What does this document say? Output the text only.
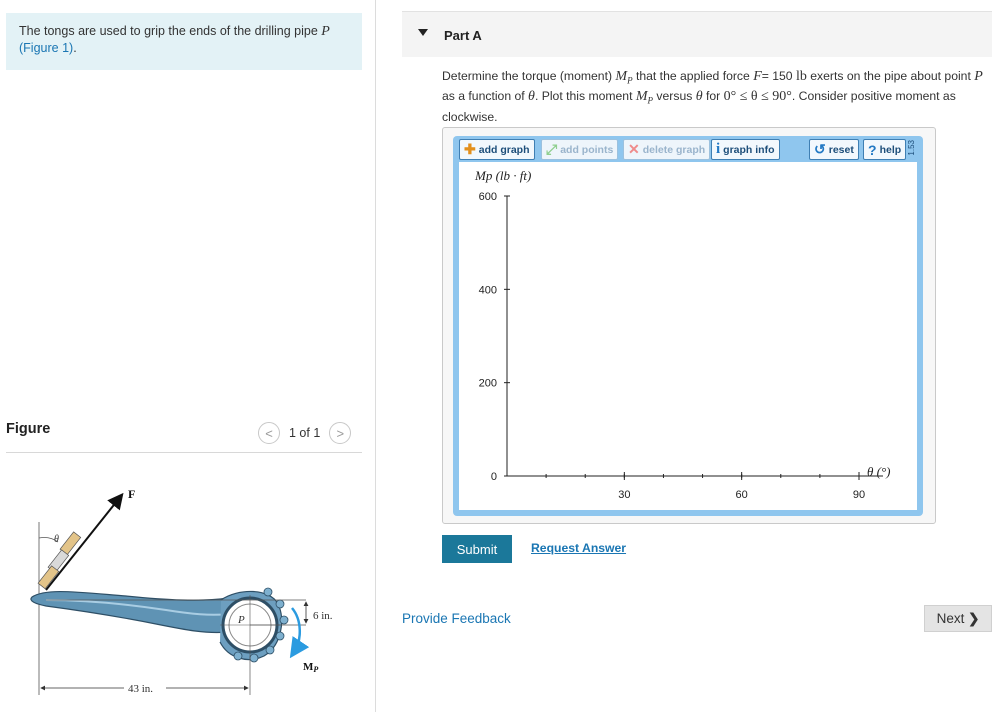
The tongs are used to grip the ends of the drilling pipe P
(Figure 1).
Figure	< 1 of 1 >
θ
F
P	6 in.
MP
43 in.
Part A
Determine the torque (moment) $M_P$ that the applied force F= 150 lb exerts on the pipe about point P as a function of θ. Plot this moment $M_P$ versus θ for 0° ≤ θ ≤ 90°. Consider positive moment as clockwise.
✚ add graph ⤢ add points ✕ delete graph i graph info	↺ reset ? help 1.53
Mp (lb · ft)
0
200
400
600
30	60	90
θ (°)
Submit	Request Answer
Provide Feedback	Next
❯
